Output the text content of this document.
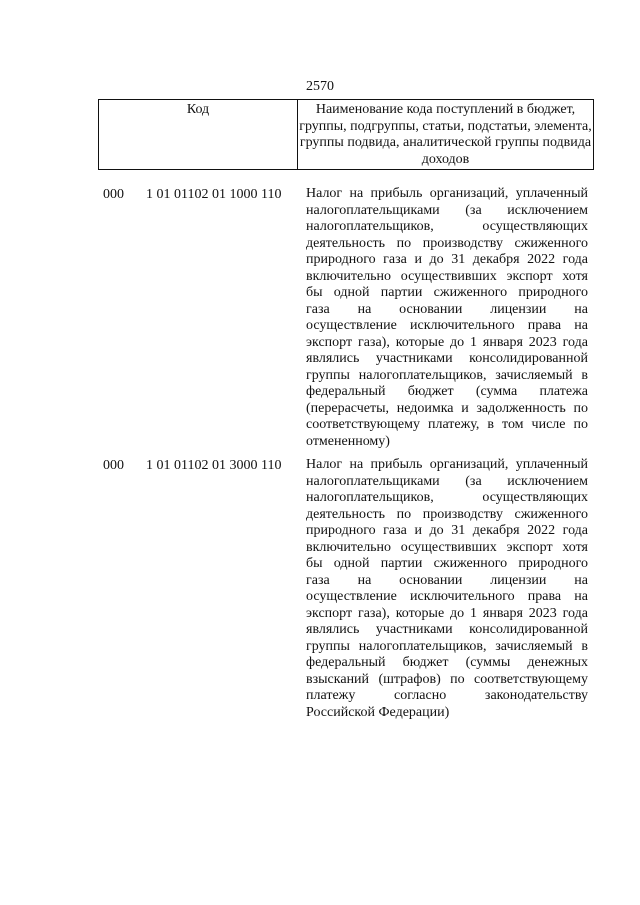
2570
Код	Наименование кода поступлений в бюджет, группы, подгруппы, статьи, подстатьи, элемента, группы подвида, аналитической группы подвида доходов
000 1 01 01102 01 1000 110 Налог на прибыль организаций, уплаченный
налогоплательщиками (за исключением
налогоплательщиков, осуществляющих
деятельность по производству сжиженного
природного газа и до 31 декабря 2022 года
включительно осуществивших экспорт хотя
бы одной партии сжиженного природного
газа на основании лицензии на
осуществление исключительного права на
экспорт газа), которые до 1 января 2023 года
являлись участниками консолидированной
группы налогоплательщиков, зачисляемый в
федеральный бюджет (сумма платежа
(перерасчеты, недоимка и задолженность по
соответствующему платежу, в том числе по
отмененному)
000 1 01 01102 01 3000 110 Налог на прибыль организаций, уплаченный
налогоплательщиками (за исключением
налогоплательщиков, осуществляющих
деятельность по производству сжиженного
природного газа и до 31 декабря 2022 года
включительно осуществивших экспорт хотя
бы одной партии сжиженного природного
газа на основании лицензии на
осуществление исключительного права на
экспорт газа), которые до 1 января 2023 года
являлись участниками консолидированной
группы налогоплательщиков, зачисляемый в
федеральный бюджет (суммы денежных
взысканий (штрафов) по соответствующему
платежу согласно законодательству
Российской Федерации)
